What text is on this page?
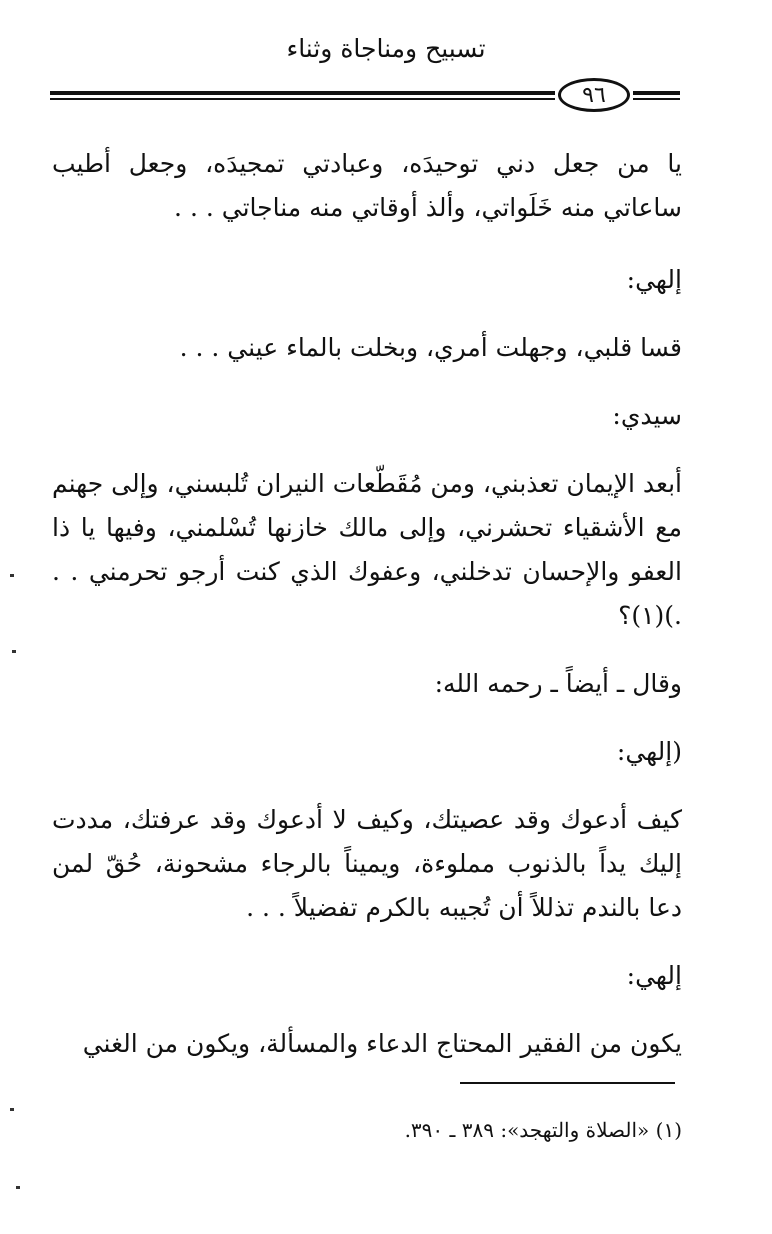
تسبيح ومناجاة وثناء
٩٦

يا من جعل دني توحيدَه، وعبادتي تمجيدَه، وجعل أطيب ساعاتي منه خَلَواتي، وألذ أوقاتي منه مناجاتي . . .

إلهي:

قسا قلبي، وجهلت أمري، وبخلت بالماء عيني . . .

سيدي:

أبعد الإيمان تعذبني، ومن مُقَطّعات النيران تُلبسني، وإلى جهنم مع الأشقياء تحشرني، وإلى مالك خازنها تُسْلمني، وفيها يا ذا العفو والإحسان تدخلني، وعفوك الذي كنت أرجو تحرمني . . .)(١)؟

وقال ـ أيضاً ـ رحمه الله:

(إلهي:

كيف أدعوك وقد عصيتك، وكيف لا أدعوك وقد عرفتك، مددت إليك يداً بالذنوب مملوءة، ويميناً بالرجاء مشحونة، حُقّ لمن دعا بالندم تذللاً أن تُجيبه بالكرم تفضيلاً . . .

إلهي:

يكون من الفقير المحتاج الدعاء والمسألة، ويكون من الغني

(١) «الصلاة والتهجد»: ٣٨٩ ـ ٣٩٠.
